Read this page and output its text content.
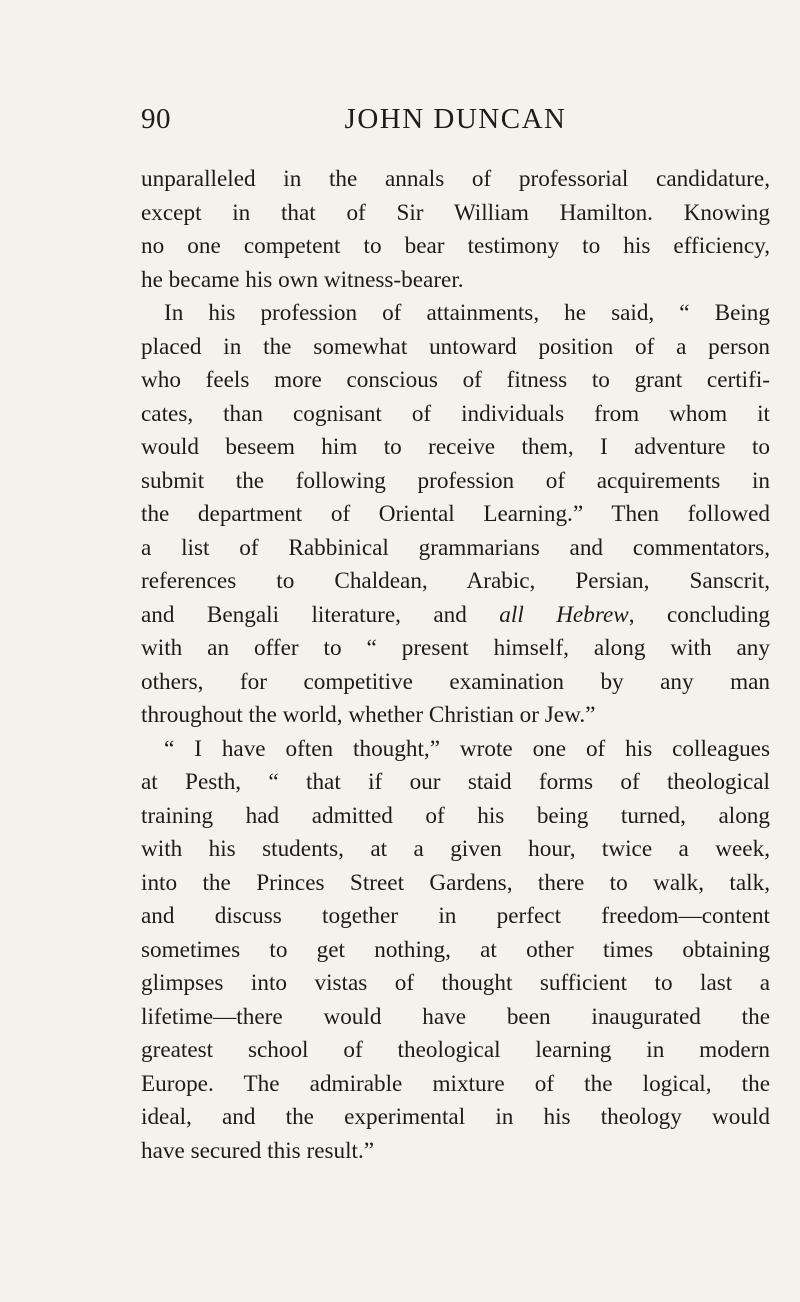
90	JOHN DUNCAN
unparalleled in the annals of professorial candidature,
except in that of Sir William Hamilton. Knowing
no one competent to bear testimony to his efficiency,
he became his own witness-bearer.
In his profession of attainments, he said, “ Being
placed in the somewhat untoward position of a person
who feels more conscious of fitness to grant certifi-
cates, than cognisant of individuals from whom it
would beseem him to receive them, I adventure to
submit the following profession of acquirements in
the department of Oriental Learning.” Then followed
a list of Rabbinical grammarians and commentators,
references to Chaldean, Arabic, Persian, Sanscrit,
and Bengali literature, and all Hebrew, concluding
with an offer to “ present himself, along with any
others, for competitive examination by any man
throughout the world, whether Christian or Jew.”
“ I have often thought,” wrote one of his colleagues
at Pesth, “ that if our staid forms of theological
training had admitted of his being turned, along
with his students, at a given hour, twice a week,
into the Princes Street Gardens, there to walk, talk,
and discuss together in perfect freedom—content
sometimes to get nothing, at other times obtaining
glimpses into vistas of thought sufficient to last a
lifetime—there would have been inaugurated the
greatest school of theological learning in modern
Europe. The admirable mixture of the logical, the
ideal, and the experimental in his theology would
have secured this result.”
